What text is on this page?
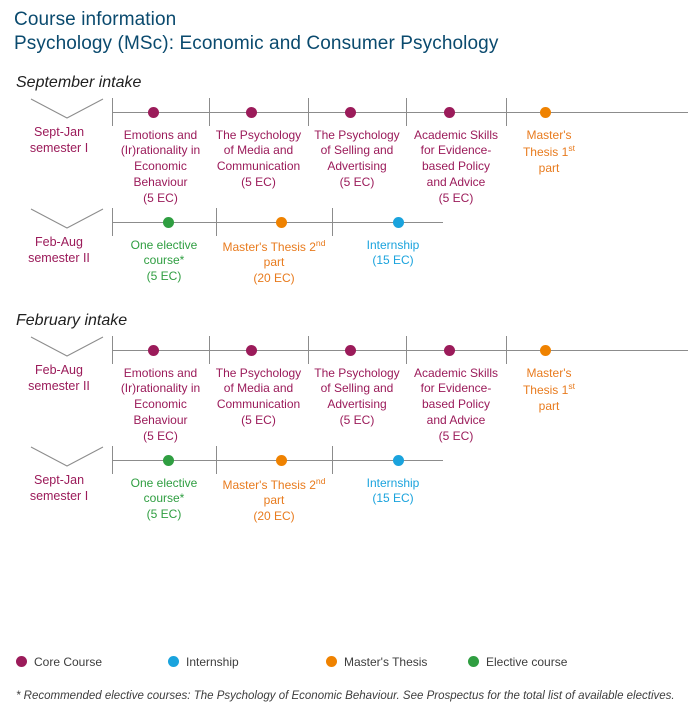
Course information
Psychology (MSc): Economic and Consumer Psychology
September intake
Sept-Jan
semester I
Emotions and (Ir)rationality in Economic Behaviour
(5 EC)
The Psychology of Media and Communication
(5 EC)
The Psychology of Selling and Advertising
(5 EC)
Academic Skills for Evidence-based Policy and Advice
(5 EC)
Master's Thesis 1st part
Feb-Aug
semester II
One elective course*
(5 EC)
Master's Thesis 2nd part
(20 EC)
Internship
(15 EC)
February intake
Feb-Aug
semester II
Emotions and (Ir)rationality in Economic Behaviour
(5 EC)
The Psychology of Media and Communication
(5 EC)
The Psychology of Selling and Advertising
(5 EC)
Academic Skills for Evidence-based Policy and Advice
(5 EC)
Master's Thesis 1st part
Sept-Jan
semester I
One elective course*
(5 EC)
Master's Thesis 2nd part
(20 EC)
Internship
(15 EC)
Core Course	Internship	Master's Thesis	Elective course
* Recommended elective courses: The Psychology of Economic Behaviour. See Prospectus for the total list of available electives.
